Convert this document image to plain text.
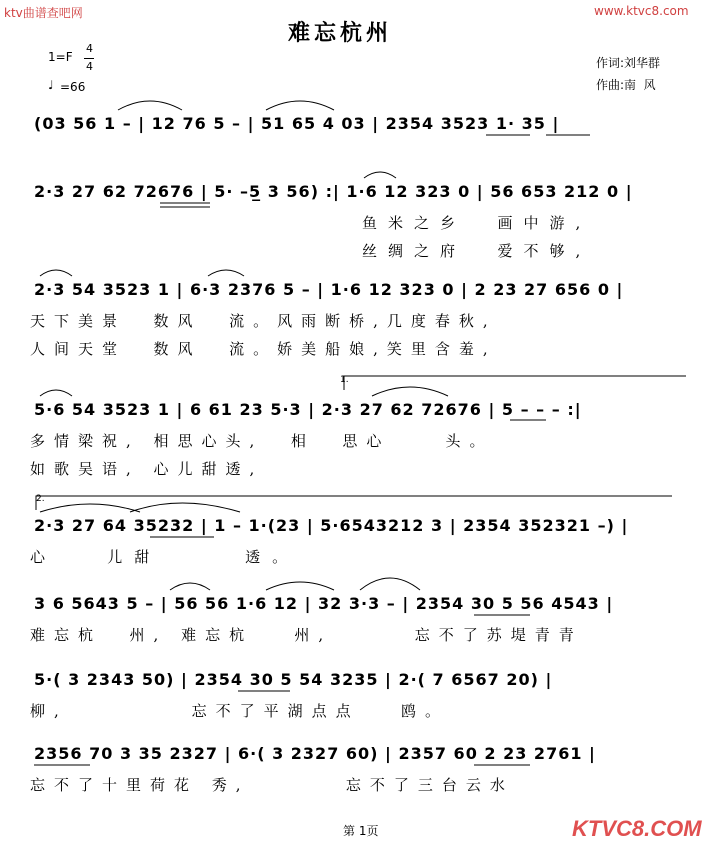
ktv曲谱查吧网	www.ktvc8.com
难忘杭州
1=F
4
4
♩ =66
作词:刘华群
作曲:南  风
(03 56 1 – | 12 76 5 – | 51 65 4 03 | 2354 3523 1· 35 |
2·3 27 62 72676 | 5· –5̲ 3 56) :| 1·6 12 323 0 | 56 653 212 0 |
鱼米之乡  画中游,
丝绸之府  爱不够,
2·3 54 3523 1 | 6·3 2376 5 – | 1·6 12 323 0 | 2 23 27 656 0 |
天下美景  数风  流。风雨断桥,几度春秋,
人间天堂  数风  流。娇美船娘,笑里含羞,
1.
5·6 54 3523 1 | 6 61 23 5·3 | 2·3 27 62 72676 | 5 – – – :|
多情梁祝, 相思心头,  相  思心    头。
如歌吴语, 心儿甜透,
2.
2·3 27 64 35232 | 1 – 1·(23 | 5·6543212 3 | 2354 352321 –) |
心   儿甜     透。
3 6 5643 5 – | 56 56 1·6 12 | 32 3·3 – | 2354 30 5 56 4543 |
难忘杭  州, 难忘杭   州,      忘不了苏堤青青
5·( 3 2343 50) | 2354 30 5 54 3235 | 2·( 7 6567 20) |
柳,         忘不了平湖点点   鸥。
2356 70 3 35 2327 | 6·( 3 2327 60) | 2357 60 2 23 2761 |
忘不了十里荷花 秀,       忘不了三台云水
第 1页	KTVC8.COM
